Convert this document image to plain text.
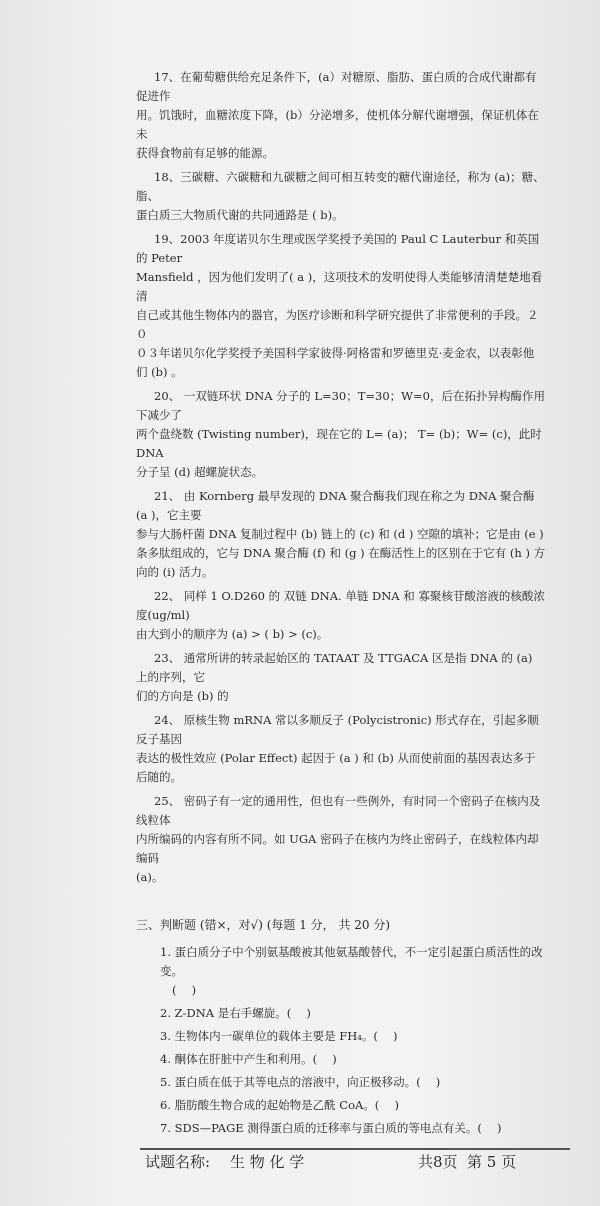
17、在葡萄糖供给充足条件下，(a）对糖原、脂肪、蛋白质的合成代谢都有促进作
用。饥饿时，血糖浓度下降，(b）分泌增多，使机体分解代谢增强，保证机体在未
获得食物前有足够的能源。
18、三碳糖、六碳糖和九碳糖之间可相互转变的糖代谢途径，称为 (a)；糖、脂、
蛋白质三大物质代谢的共同通路是 ( b)。
19、2003 年度诺贝尔生理或医学奖授予美国的 Paul C Lauterbur 和英国的 Peter
Mansfield ，因为他们发明了( a )，这项技术的发明使得人类能够清清楚楚地看清
自己或其他生物体内的器官，为医疗诊断和科学研究提供了非常便利的手段。２０
０３年诺贝尔化学奖授予美国科学家彼得·阿格雷和罗德里克·麦金农，以表彰他
们 (b) 。
20、 一双链环状 DNA 分子的 L=30；T=30；W=0，后在拓扑异构酶作用下减少了
两个盘绕数 (Twisting number)，现在它的 L= (a)； T= (b)；W= (c)，此时DNA
分子呈 (d) 超螺旋状态。
21、 由 Kornberg 最早发现的 DNA 聚合酶我们现在称之为 DNA 聚合酶 (a )，它主要
参与大肠杆菌 DNA 复制过程中 (b) 链上的 (c) 和 (d ) 空隙的填补；它是由 (e )
条多肽组成的，它与 DNA 聚合酶 (f) 和 (g ) 在酶活性上的区别在于它有 (h ) 方
向的 (i) 活力。
22、 同样 1 O.D260 的 双链 DNA. 单链 DNA 和 寡聚核苷酸溶液的核酸浓度(ug/ml)
由大到小的顺序为 (a) > ( b) > (c)。
23、 通常所讲的转录起始区的 TATAAT 及 TTGACA 区是指 DNA 的 (a) 上的序列，它
们的方向是 (b) 的
24、 原核生物 mRNA 常以多顺反子 (Polycistronic) 形式存在，引起多顺反子基因
表达的极性效应 (Polar Effect) 起因于 (a ) 和 (b) 从而使前面的基因表达多于
后随的。
25、 密码子有一定的通用性，但也有一些例外，有时同一个密码子在核内及线粒体
内所编码的内容有所不同。如 UGA 密码子在核内为终止密码子，在线粒体内却编码
(a)。
三、判断题 (错×，对√) (每题 1 分， 共 20 分)
1. 蛋白质分子中个别氨基酸被其他氨基酸替代，不一定引起蛋白质活性的改变。
(　 )
2. Z-DNA 是右手螺旋。(　 )
3. 生物体内一碳单位的载体主要是 FH₄。(　 )
4. 酮体在肝脏中产生和利用。(　 )
5. 蛋白质在低于其等电点的溶液中，向正极移动。(　 )
6. 脂肪酸生物合成的起始物是乙酰 CoA。(　 )
7. SDS—PAGE 测得蛋白质的迁移率与蛋白质的等电点有关。(　 )
试题名称: 生 物 化 学	共8页 第 5 页
